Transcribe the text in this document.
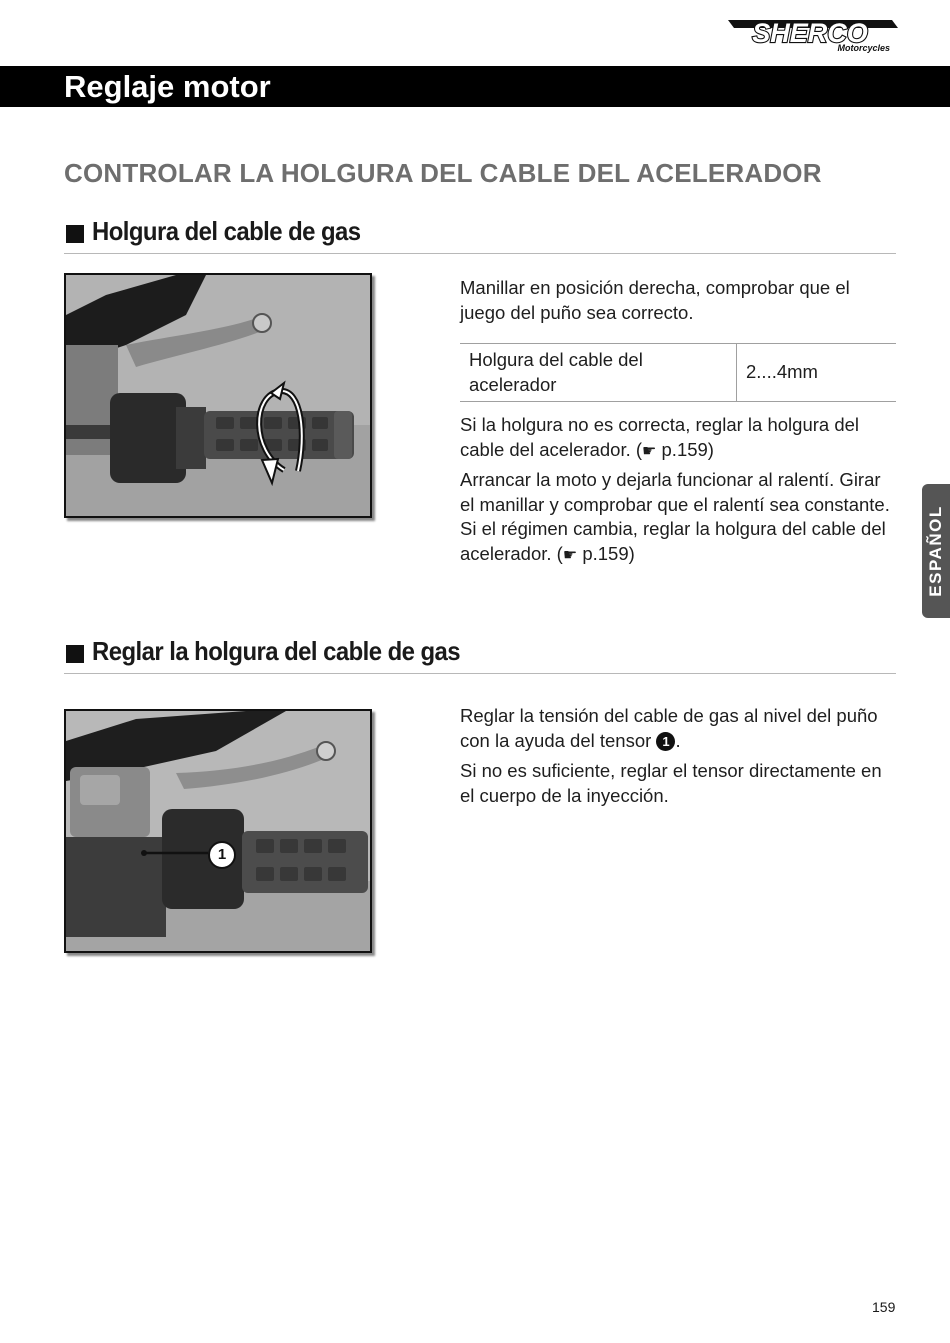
SHERCO
Motorcycles
Reglaje motor
CONTROLAR LA HOLGURA DEL CABLE DEL ACELERADOR
Holgura del cable de gas
Manillar en posición derecha, comprobar que el juego del puño sea correcto.
Holgura del cable del acelerador
2....4mm
Si la holgura no es correcta, reglar la holgura del cable del acelerador. (☛ p.159)
Arrancar la moto y dejarla funcionar al ralentí. Girar el manillar y comprobar que el ralentí sea constante. Si el régimen cambia, reglar la holgura del cable del acelerador. (☛ p.159)	ESPAÑOL
Reglar la holgura del cable de gas
1
Reglar la tensión del cable de gas al nivel del puño con la ayuda del tensor 1 .
Si no es suficiente, reglar el tensor directamente en el cuerpo de la inyección.
159
